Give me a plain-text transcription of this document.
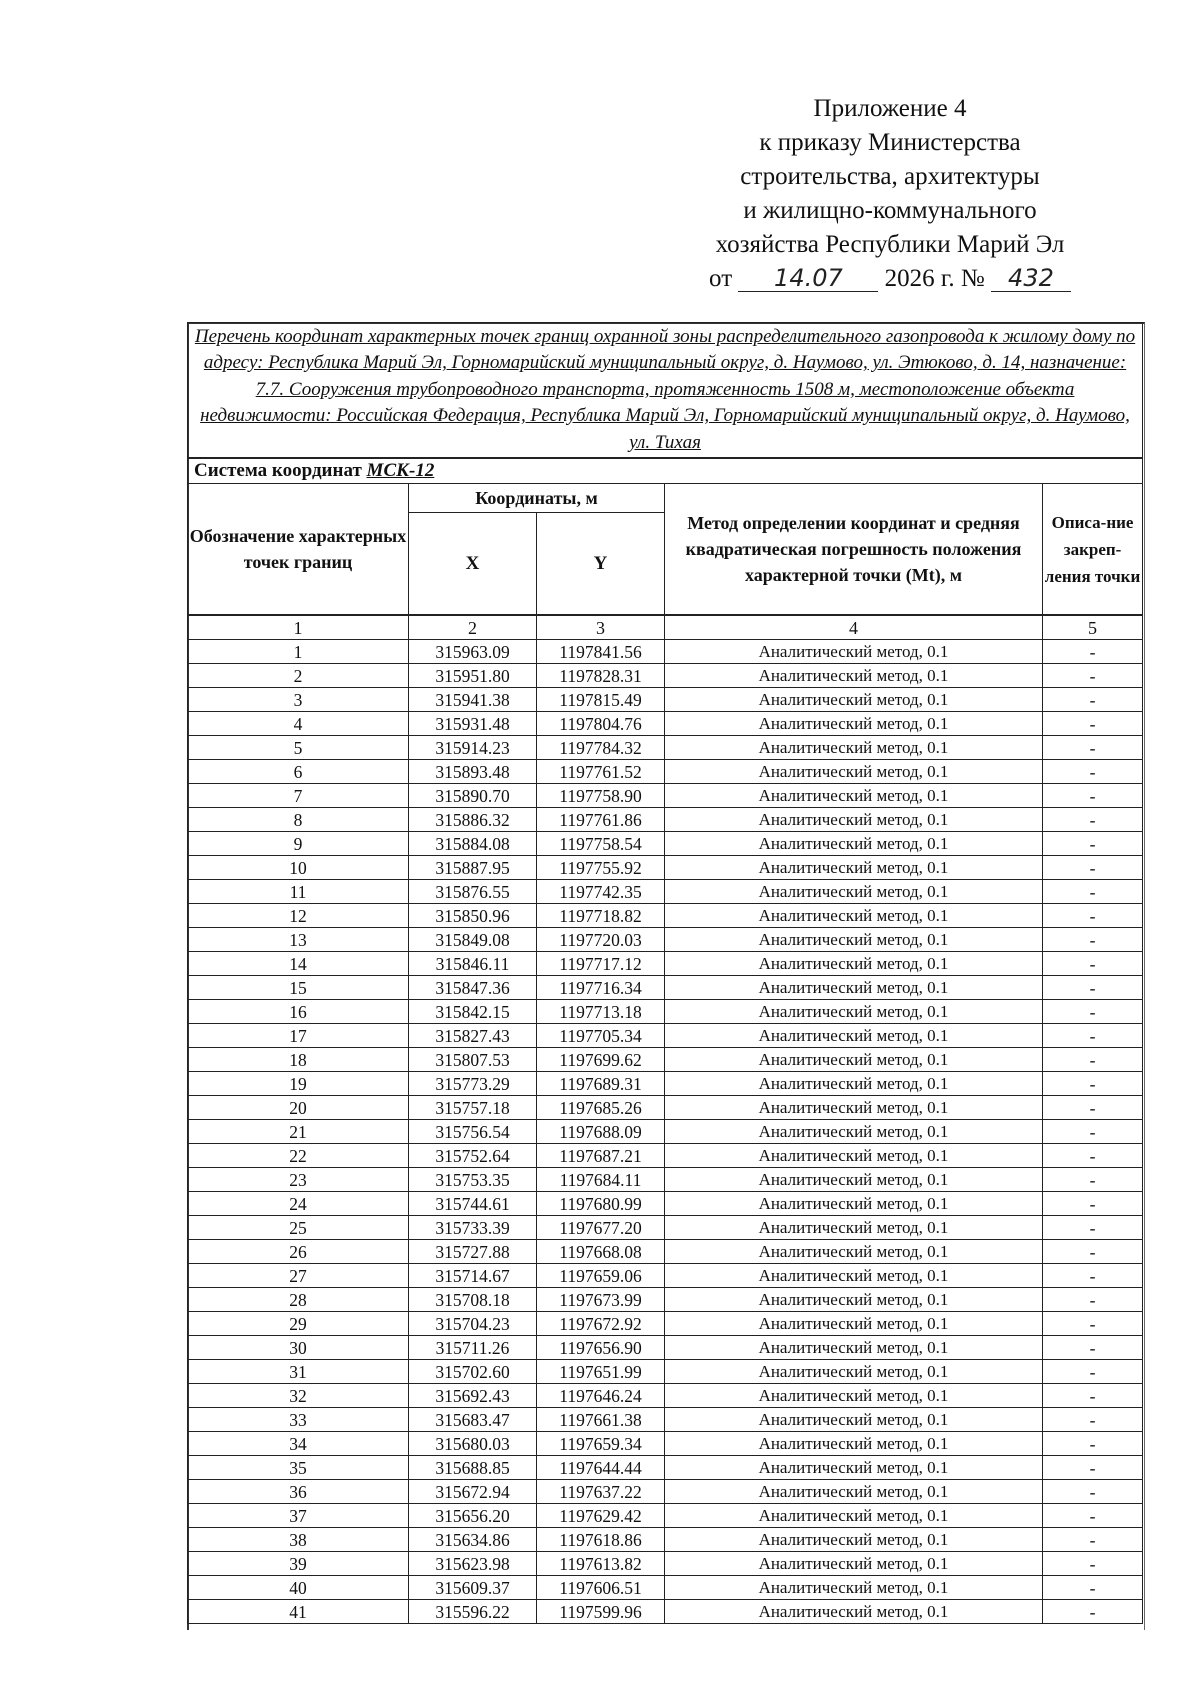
Приложение 4
к приказу Министерства
строительства, архитектуры
и жилищно-коммунального
хозяйства Республики Марий Эл
от 14.07 2026 г. № 432
Перечень координат характерных точек границ охранной зоны распределительного газопровода к жилому дому по адресу: Республика Марий Эл, Горномарийский муниципальный округ, д. Наумово, ул. Этюково, д. 14, назначение: 7.7. Сооружения трубопроводного транспорта, протяженность 1508 м, местоположение объекта недвижимости: Российская Федерация, Республика Марий Эл, Горномарийский муниципальный округ, д. Наумово, ул. Тихая				
Система координат МСК-12				
Обозначение характерных точек границ	Координаты, м		Метод определении координат и средняя квадратическая погрешность положения характерной точки (Mt), м	Описа-ние закреп-ления точки
	X	Y		
1	2	3	4	5
1	315963.09	1197841.56	Аналитический метод, 0.1	-
2	315951.80	1197828.31	Аналитический метод, 0.1	-
3	315941.38	1197815.49	Аналитический метод, 0.1	-
4	315931.48	1197804.76	Аналитический метод, 0.1	-
5	315914.23	1197784.32	Аналитический метод, 0.1	-
6	315893.48	1197761.52	Аналитический метод, 0.1	-
7	315890.70	1197758.90	Аналитический метод, 0.1	-
8	315886.32	1197761.86	Аналитический метод, 0.1	-
9	315884.08	1197758.54	Аналитический метод, 0.1	-
10	315887.95	1197755.92	Аналитический метод, 0.1	-
11	315876.55	1197742.35	Аналитический метод, 0.1	-
12	315850.96	1197718.82	Аналитический метод, 0.1	-
13	315849.08	1197720.03	Аналитический метод, 0.1	-
14	315846.11	1197717.12	Аналитический метод, 0.1	-
15	315847.36	1197716.34	Аналитический метод, 0.1	-
16	315842.15	1197713.18	Аналитический метод, 0.1	-
17	315827.43	1197705.34	Аналитический метод, 0.1	-
18	315807.53	1197699.62	Аналитический метод, 0.1	-
19	315773.29	1197689.31	Аналитический метод, 0.1	-
20	315757.18	1197685.26	Аналитический метод, 0.1	-
21	315756.54	1197688.09	Аналитический метод, 0.1	-
22	315752.64	1197687.21	Аналитический метод, 0.1	-
23	315753.35	1197684.11	Аналитический метод, 0.1	-
24	315744.61	1197680.99	Аналитический метод, 0.1	-
25	315733.39	1197677.20	Аналитический метод, 0.1	-
26	315727.88	1197668.08	Аналитический метод, 0.1	-
27	315714.67	1197659.06	Аналитический метод, 0.1	-
28	315708.18	1197673.99	Аналитический метод, 0.1	-
29	315704.23	1197672.92	Аналитический метод, 0.1	-
30	315711.26	1197656.90	Аналитический метод, 0.1	-
31	315702.60	1197651.99	Аналитический метод, 0.1	-
32	315692.43	1197646.24	Аналитический метод, 0.1	-
33	315683.47	1197661.38	Аналитический метод, 0.1	-
34	315680.03	1197659.34	Аналитический метод, 0.1	-
35	315688.85	1197644.44	Аналитический метод, 0.1	-
36	315672.94	1197637.22	Аналитический метод, 0.1	-
37	315656.20	1197629.42	Аналитический метод, 0.1	-
38	315634.86	1197618.86	Аналитический метод, 0.1	-
39	315623.98	1197613.82	Аналитический метод, 0.1	-
40	315609.37	1197606.51	Аналитический метод, 0.1	-
41	315596.22	1197599.96	Аналитический метод, 0.1	-
